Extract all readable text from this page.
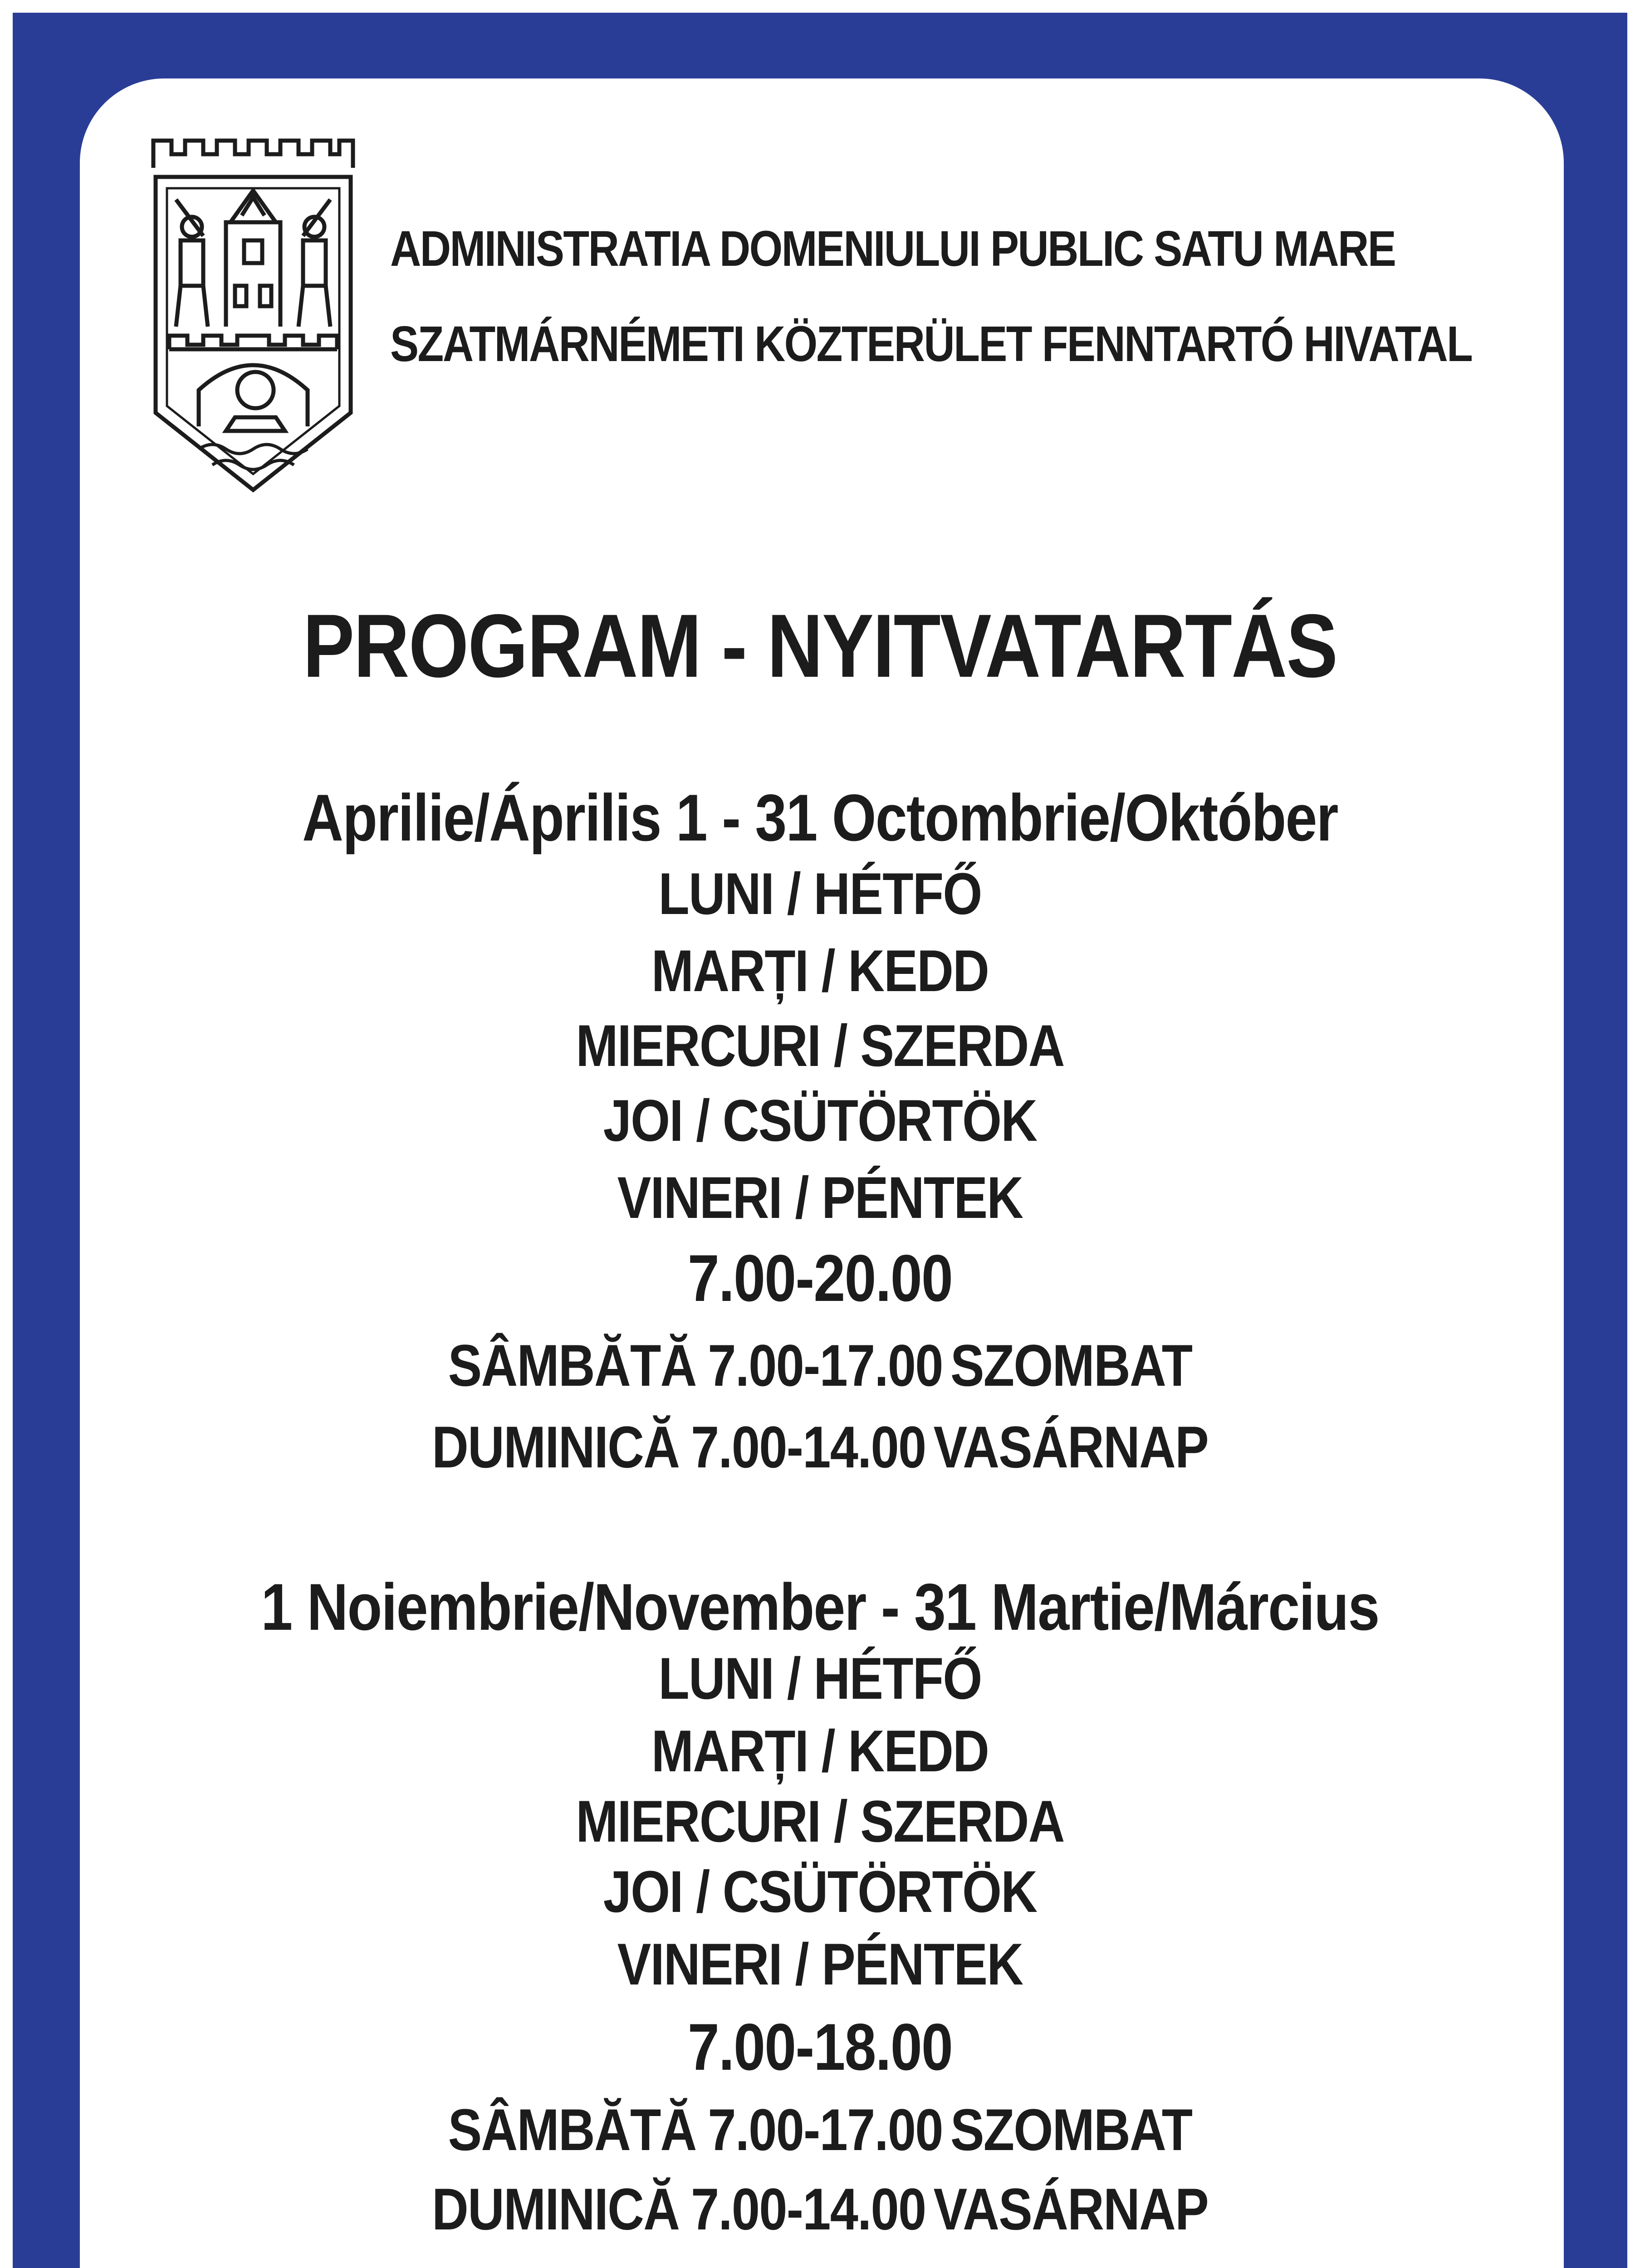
ADMINISTRATIA DOMENIULUI PUBLIC SATU MARE
SZATMÁRNÉMETI KÖZTERÜLET FENNTARTÓ HIVATAL
PROGRAM - NYITVATARTÁS
Aprilie/Április 1 - 31 Octombrie/Október
LUNI / HÉTFŐ
MARȚI / KEDD
MIERCURI / SZERDA
JOI / CSÜTÖRTÖK
VINERI / PÉNTEK
7.00-20.00
SÂMBĂTĂ 7.00-17.00 SZOMBAT
DUMINICĂ 7.00-14.00 VASÁRNAP
1 Noiembrie/November - 31 Martie/Március
LUNI / HÉTFŐ
MARȚI / KEDD
MIERCURI / SZERDA
JOI / CSÜTÖRTÖK
VINERI / PÉNTEK
7.00-18.00
SÂMBĂTĂ 7.00-17.00 SZOMBAT
DUMINICĂ 7.00-14.00 VASÁRNAP
